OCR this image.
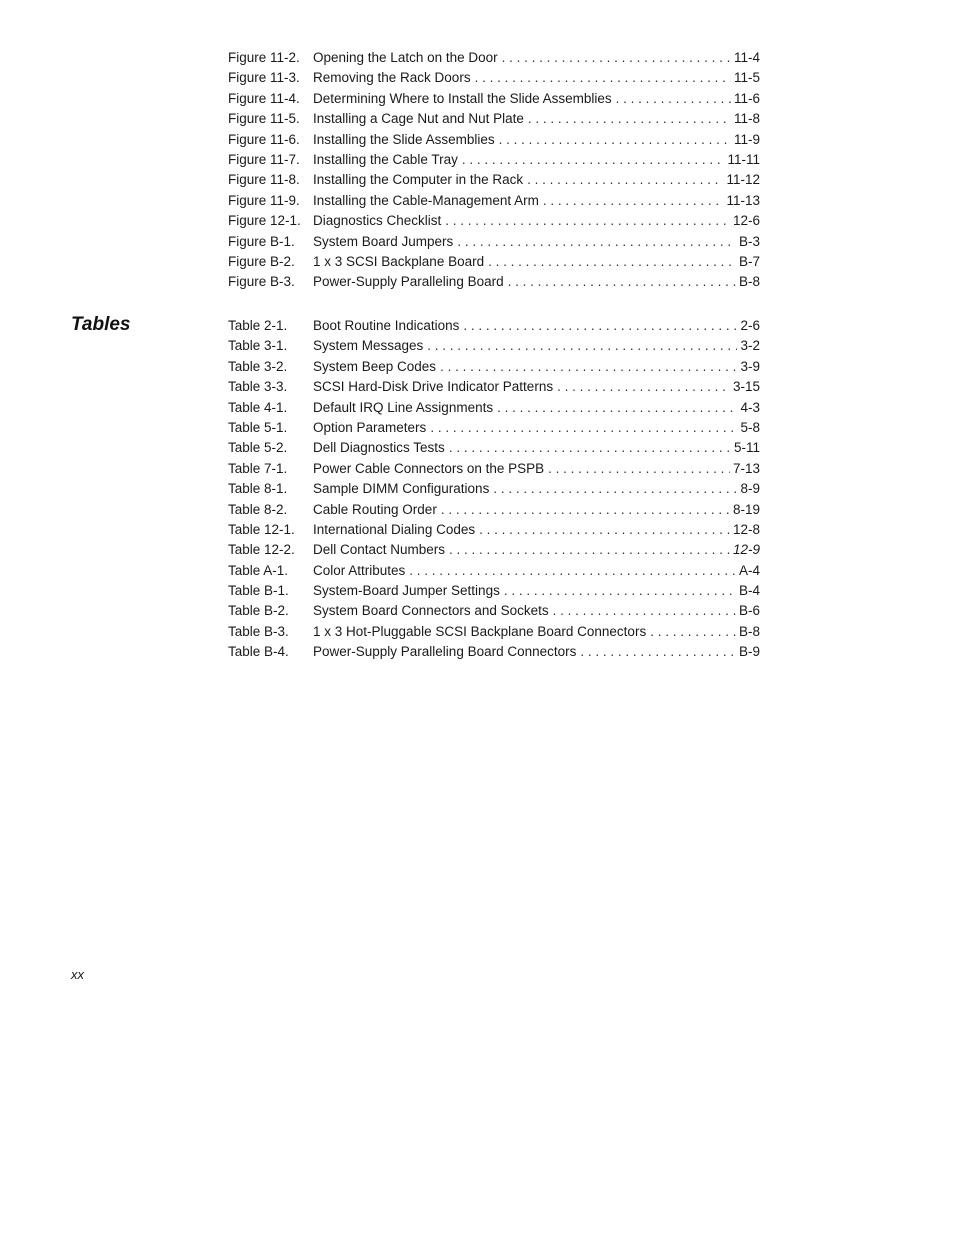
Figure 11-2. Opening the Latch on the Door . . .	11-4
Figure 11-3. Removing the Rack Doors . . .	11-5
Figure 11-4. Determining Where to Install the Slide Assemblies . . .	11-6
Figure 11-5. Installing a Cage Nut and Nut Plate . . .	11-8
Figure 11-6. Installing the Slide Assemblies . . .	11-9
Figure 11-7. Installing the Cable Tray . . .	11-11
Figure 11-8. Installing the Computer in the Rack . . .	11-12
Figure 11-9. Installing the Cable-Management Arm . . .	11-13
Figure 12-1. Diagnostics Checklist . . .	12-6
Figure B-1.	System Board Jumpers . . .	B-3
Figure B-2.	1 x 3 SCSI Backplane Board . . .	B-7
Figure B-3.	Power-Supply Paralleling Board . . .	B-8
Tables	Table 2-1.	Boot Routine Indications . . .	2-6
Table 3-1.	System Messages . . .	3-2
Table 3-2.	System Beep Codes . . .	3-9
Table 3-3.	SCSI Hard-Disk Drive Indicator Patterns . . .	3-15
Table 4-1.	Default IRQ Line Assignments . . .	4-3
Table 5-1.	Option Parameters . . .	5-8
Table 5-2.	Dell Diagnostics Tests . . .	5-11
Table 7-1.	Power Cable Connectors on the PSPB . . .	7-13
Table 8-1.	Sample DIMM Configurations . . .	8-9
Table 8-2.	Cable Routing Order . . .	8-19
Table 12-1.	International Dialing Codes . . .	12-8
Table 12-2.	Dell Contact Numbers . . .	12-9
Table A-1.	Color Attributes . . .	A-4
Table B-1.	System-Board Jumper Settings . . .	B-4
Table B-2.	System Board Connectors and Sockets . . .	B-6
Table B-3.	1 x 3 Hot-Pluggable SCSI Backplane Board Connectors . . .	B-8
Table B-4.	Power-Supply Paralleling Board Connectors . . .	B-9
xx
